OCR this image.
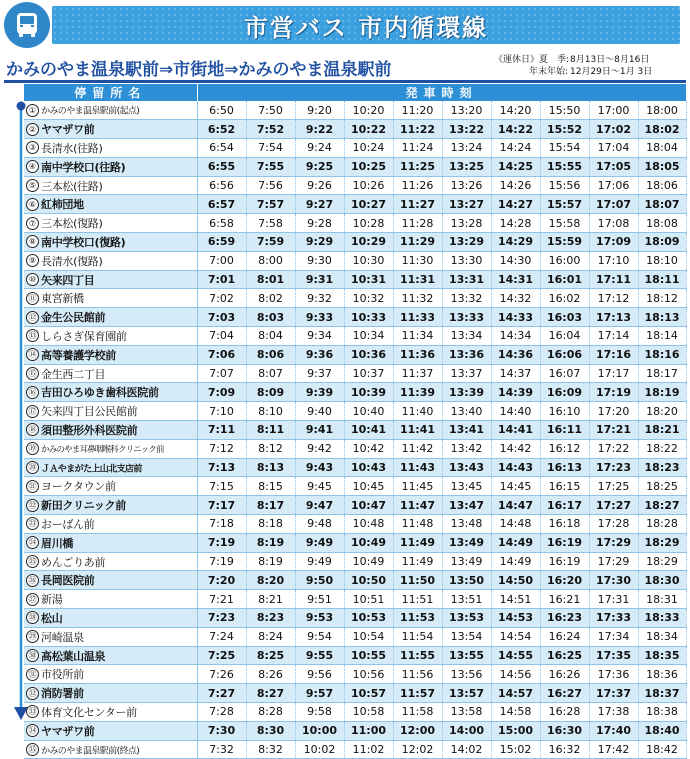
市営バス 市内循環線
かみのやま温泉駅前⇒市街地⇒かみのやま温泉駅前	《運休日》夏　季: 8月13日～8月16日
年末年始: 12月29日～1月 3日
停留所名	発車時刻									
① かみのやま温泉駅前(起点)	6:50	7:50	9:20	10:20	11:20	13:20	14:20	15:50	17:00	18:00
② ヤマザワ前	6:52	7:52	9:22	10:22	11:22	13:22	14:22	15:52	17:02	18:02
③ 長清水(往路)	6:54	7:54	9:24	10:24	11:24	13:24	14:24	15:54	17:04	18:04
④ 南中学校口(往路)	6:55	7:55	9:25	10:25	11:25	13:25	14:25	15:55	17:05	18:05
⑤ 三本松(往路)	6:56	7:56	9:26	10:26	11:26	13:26	14:26	15:56	17:06	18:06
⑥ 紅柿団地	6:57	7:57	9:27	10:27	11:27	13:27	14:27	15:57	17:07	18:07
⑦ 三本松(復路)	6:58	7:58	9:28	10:28	11:28	13:28	14:28	15:58	17:08	18:08
⑧ 南中学校口(復路)	6:59	7:59	9:29	10:29	11:29	13:29	14:29	15:59	17:09	18:09
⑨ 長清水(復路)	7:00	8:00	9:30	10:30	11:30	13:30	14:30	16:00	17:10	18:10
⑩ 矢来四丁目	7:01	8:01	9:31	10:31	11:31	13:31	14:31	16:01	17:11	18:11
⑪ 東宮新橋	7:02	8:02	9:32	10:32	11:32	13:32	14:32	16:02	17:12	18:12
⑫ 金生公民館前	7:03	8:03	9:33	10:33	11:33	13:33	14:33	16:03	17:13	18:13
⑬ しらさぎ保育園前	7:04	8:04	9:34	10:34	11:34	13:34	14:34	16:04	17:14	18:14
⑭ 高等養護学校前	7:06	8:06	9:36	10:36	11:36	13:36	14:36	16:06	17:16	18:16
⑮ 金生西二丁目	7:07	8:07	9:37	10:37	11:37	13:37	14:37	16:07	17:17	18:17
⑯ 吉田ひろゆき歯科医院前	7:09	8:09	9:39	10:39	11:39	13:39	14:39	16:09	17:19	18:19
⑰ 矢来四丁目公民館前	7:10	8:10	9:40	10:40	11:40	13:40	14:40	16:10	17:20	18:20
⑱ 須田整形外科医院前	7:11	8:11	9:41	10:41	11:41	13:41	14:41	16:11	17:21	18:21
⑲ かみのやま耳鼻咽喉科クリニック前	7:12	8:12	9:42	10:42	11:42	13:42	14:42	16:12	17:22	18:22
⑳ ＪＡやまがた上山北支店前	7:13	8:13	9:43	10:43	11:43	13:43	14:43	16:13	17:23	18:23
㉑ ヨークタウン前	7:15	8:15	9:45	10:45	11:45	13:45	14:45	16:15	17:25	18:25
㉒ 新田クリニック前	7:17	8:17	9:47	10:47	11:47	13:47	14:47	16:17	17:27	18:27
㉓ おーばん前	7:18	8:18	9:48	10:48	11:48	13:48	14:48	16:18	17:28	18:28
㉔ 眉川橋	7:19	8:19	9:49	10:49	11:49	13:49	14:49	16:19	17:29	18:29
㉕ めんごりあ前	7:19	8:19	9:49	10:49	11:49	13:49	14:49	16:19	17:29	18:29
㉖ 長岡医院前	7:20	8:20	9:50	10:50	11:50	13:50	14:50	16:20	17:30	18:30
㉗ 新湯	7:21	8:21	9:51	10:51	11:51	13:51	14:51	16:21	17:31	18:31
㉘ 松山	7:23	8:23	9:53	10:53	11:53	13:53	14:53	16:23	17:33	18:33
㉙ 河崎温泉	7:24	8:24	9:54	10:54	11:54	13:54	14:54	16:24	17:34	18:34
㉚ 高松葉山温泉	7:25	8:25	9:55	10:55	11:55	13:55	14:55	16:25	17:35	18:35
㉛ 市役所前	7:26	8:26	9:56	10:56	11:56	13:56	14:56	16:26	17:36	18:36
㉜ 消防署前	7:27	8:27	9:57	10:57	11:57	13:57	14:57	16:27	17:37	18:37
㉝ 体育文化センター前	7:28	8:28	9:58	10:58	11:58	13:58	14:58	16:28	17:38	18:38
㉞ ヤマザワ前	7:30	8:30	10:00	11:00	12:00	14:00	15:00	16:30	17:40	18:40
㉟ かみのやま温泉駅前(終点)	7:32	8:32	10:02	11:02	12:02	14:02	15:02	16:32	17:42	18:42
